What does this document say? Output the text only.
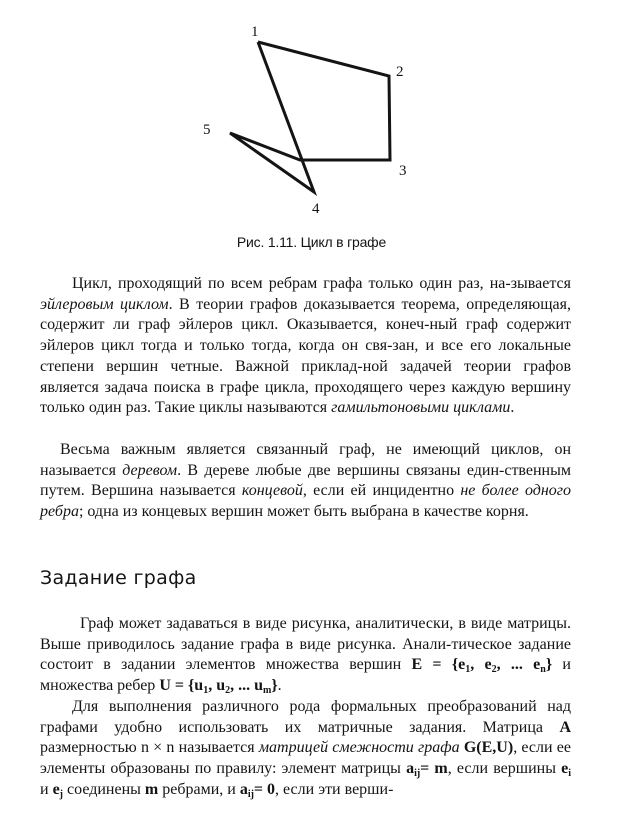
1
2
3
4
5
Рис. 1.11. Цикл в графе

Цикл, проходящий по всем ребрам графа только один раз, на-зывается эйлеровым циклом. В теории графов доказывается теорема, определяющая, содержит ли граф эйлеров цикл. Оказывается, конеч-ный граф содержит эйлеров цикл тогда и только тогда, когда он свя-зан, и все его локальные степени вершин четные. Важной приклад-ной задачей теории графов является задача поиска в графе цикла, проходящего через каждую вершину только один раз. Такие циклы называются гамильтоновыми циклами.

Весьма важным является связанный граф, не имеющий циклов, он называется деревом. В дереве любые две вершины связаны един-ственным путем. Вершина называется концевой, если ей инцидентно не более одного ребра; одна из концевых вершин может быть выбрана в качестве корня.

Задание графа

Граф может задаваться в виде рисунка, аналитически, в виде матрицы. Выше приводилось задание графа в виде рисунка. Анали-тическое задание состоит в задании элементов множества вершин $E = \{e_1$, $e_2$, ... $e_n$} и множества ребер $U = \{u_1$, $u_2$, ... $u_m$}.

Для выполнения различного рода формальных преобразований над графами удобно использовать их матричные задания. Матрица A размерностью n × n называется матрицей смежности графа G(E,U), если ее элементы образованы по правилу: элемент матрицы $a_{ij}= m$, если вершины $e_i$ и $e_j$ соединены m ребрами, и $a_{ij}= 0$, если эти верши-
